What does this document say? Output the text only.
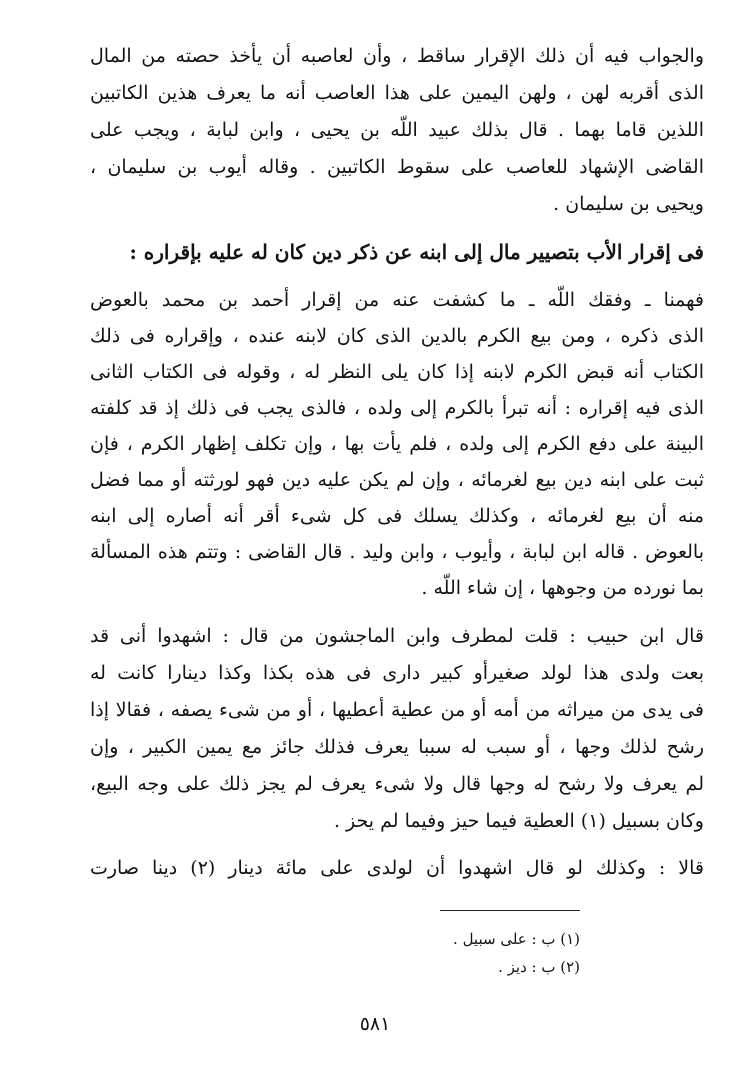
والجواب فيه أن ذلك الإقرار ساقط ، وأن لعاصبه أن يأخذ حصته من المال
الذى أقربه لهن ، ولهن اليمين على هذا العاصب أنه ما يعرف هذين الكاتبين
اللذين قاما بهما . قال بذلك عبيد اللّه بن يحيى ، وابن لبابة ، ويجب على
القاضى الإشهاد للعاصب على سقوط الكاتبين . وقاله أيوب بن سليمان ،
ويحيى بن سليمان .
فى إقرار الأب بتصيير مال إلى ابنه عن ذكر دين كان له عليه بإقراره :
فهمنا ـ وفقك اللّه ـ ما كشفت عنه من إقرار أحمد بن محمد بالعوض
الذى ذكره ، ومن بيع الكرم بالدين الذى كان لابنه عنده ، وإقراره فى ذلك
الكتاب أنه قبض الكرم لابنه إذا كان يلى النظر له ، وقوله فى الكتاب الثانى
الذى فيه إقراره : أنه تبرأ بالكرم إلى ولده ، فالذى يجب فى ذلك إذ قد كلفته
البينة على دفع الكرم إلى ولده ، فلم يأت بها ، وإن تكلف إظهار الكرم ، فإن
ثبت على ابنه دين بيع لغرمائه ، وإن لم يكن عليه دين فهو لورثته أو مما فضل
منه أن بيع لغرمائه ، وكذلك يسلك فى كل شىء أقر أنه أصاره إلى ابنه
بالعوض . قاله ابن لبابة ، وأيوب ، وابن وليد . قال القاضى : وتتم هذه المسألة
بما نورده من وجوهها ، إن شاء اللّه .
قال ابن حبيب : قلت لمطرف وابن الماجشون من قال : اشهدوا أنى قد
بعت ولدى هذا لولد صغيرأو كبير دارى فى هذه بكذا وكذا دينارا كانت له
فى يدى من ميراثه من أمه أو من عطية أعطيها ، أو من شىء يصفه ، فقالا إذا
رشح لذلك وجها ، أو سبب له سببا يعرف فذلك جائز مع يمين الكبير ، وإن
لم يعرف ولا رشح له وجها قال ولا شىء يعرف لم يجز ذلك على وجه البيع،
وكان بسبيل (١) العطية فيما حيز وفيما لم يحز .
قالا : وكذلك لو قال اشهدوا أن لولدى على مائة دينار (٢) دينا صارت
(١) ب : على سبيل .
(٢) ب : ديز .
٥٨١
